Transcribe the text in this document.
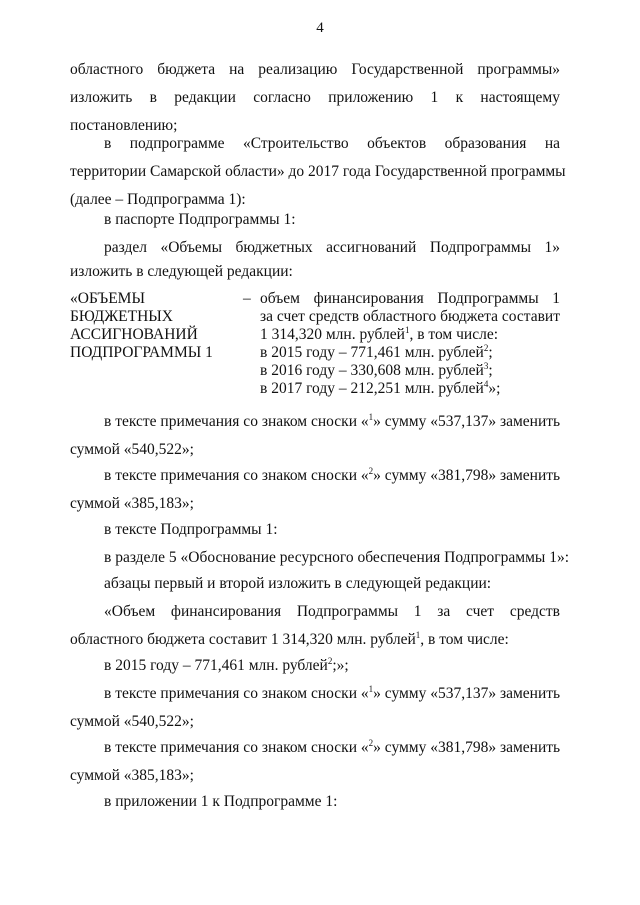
4
областного бюджета на реализацию Государственной программы»
изложить в редакции согласно приложению 1 к настоящему
постановлению;
в подпрограмме «Строительство объектов образования на
территории Самарской области» до 2017 года Государственной программы
(далее – Подпрограмма 1):
в паспорте Подпрограммы 1:
раздел «Объемы бюджетных ассигнований Подпрограммы 1»
изложить в следующей редакции:
«ОБЪЕМЫ
БЮДЖЕТНЫХ
АССИГНОВАНИЙ
ПОДПРОГРАММЫ 1
– объем финансирования Подпрограммы 1
за счет средств областного бюджета составит
1 314,320 млн. рублей$^1$, в том числе:
в 2015 году – 771,461 млн. рублей$^2$;
в 2016 году – 330,608 млн. рублей$^3$;
в 2017 году – 212,251 млн. рублей$^4$»;
в тексте примечания со знаком сноски «$^1$» сумму «537,137» заменить
суммой «540,522»;
в тексте примечания со знаком сноски «$^2$» сумму «381,798» заменить
суммой «385,183»;
в тексте Подпрограммы 1:
в разделе 5 «Обоснование ресурсного обеспечения Подпрограммы 1»:
абзацы первый и второй изложить в следующей редакции:
«Объем финансирования Подпрограммы 1 за счет средств
областного бюджета составит 1 314,320 млн. рублей$^1$, в том числе:
в 2015 году – 771,461 млн. рублей$^2$;»;
в тексте примечания со знаком сноски «$^1$» сумму «537,137» заменить
суммой «540,522»;
в тексте примечания со знаком сноски «$^2$» сумму «381,798» заменить
суммой «385,183»;
в приложении 1 к Подпрограмме 1:
